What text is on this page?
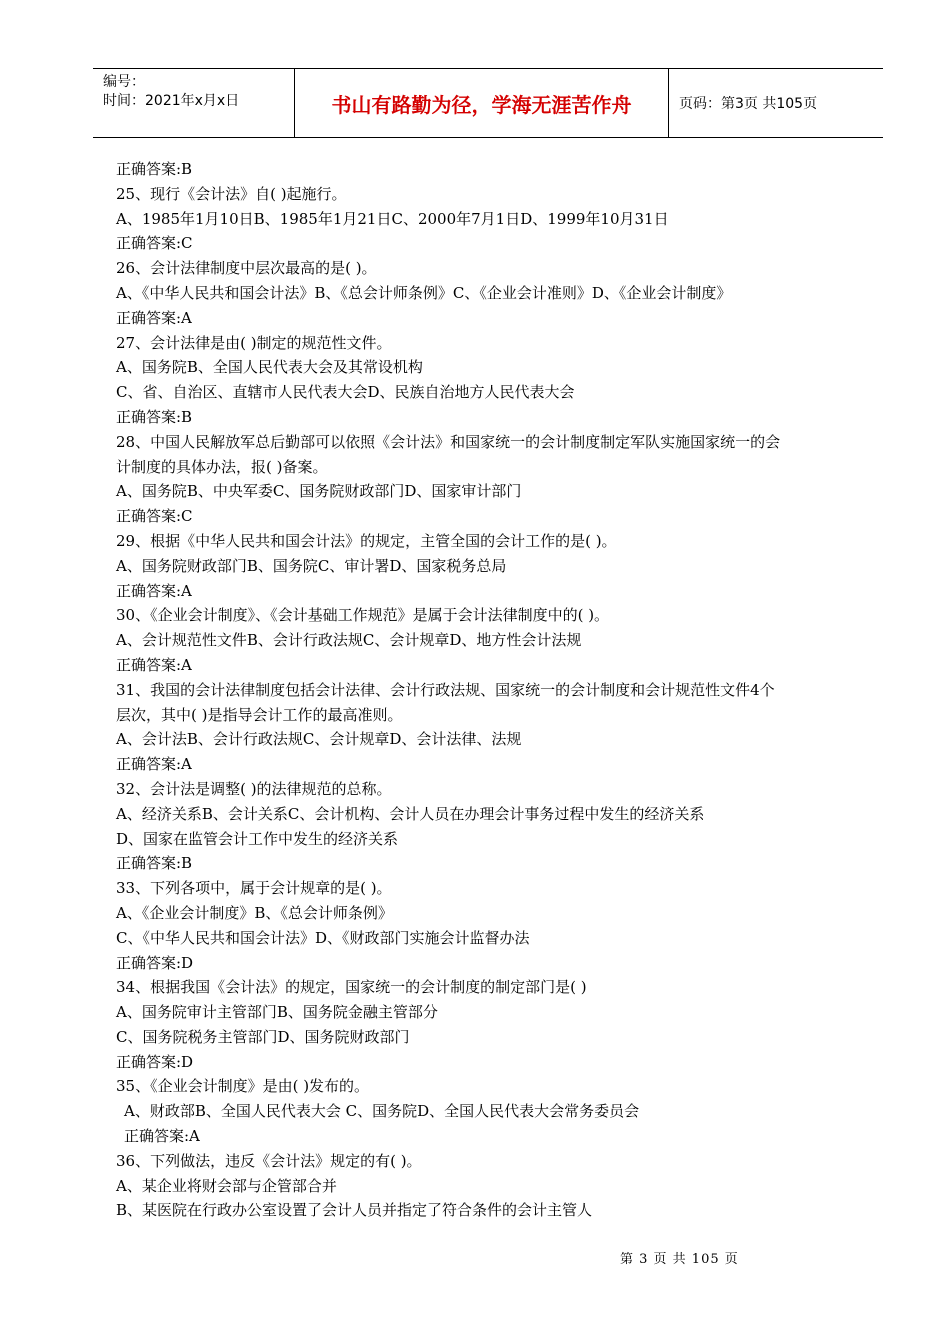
编号：
时间：2021年x月x日	书山有路勤为径，学海无涯苦作舟	页码：第3页 共105页
正确答案:B
25、现行《会计法》自( )起施行。
A、1985年1月10日B、1985年1月21日C、2000年7月1日D、1999年10月31日
正确答案:C
26、会计法律制度中层次最高的是( )。
A、《中华人民共和国会计法》B、《总会计师条例》C、《企业会计准则》D、《企业会计制度》
正确答案:A
27、会计法律是由( )制定的规范性文件。
A、国务院B、全国人民代表大会及其常设机构
C、省、自治区、直辖市人民代表大会D、民族自治地方人民代表大会
正确答案:B
28、中国人民解放军总后勤部可以依照《会计法》和国家统一的会计制度制定军队实施国家统一的会
计制度的具体办法，报( )备案。
A、国务院B、中央军委C、国务院财政部门D、国家审计部门
正确答案:C
29、根据《中华人民共和国会计法》的规定，主管全国的会计工作的是( )。
A、国务院财政部门B、国务院C、审计署D、国家税务总局
正确答案:A
30、《企业会计制度》、《会计基础工作规范》是属于会计法律制度中的( )。
A、会计规范性文件B、会计行政法规C、会计规章D、地方性会计法规
正确答案:A
31、我国的会计法律制度包括会计法律、会计行政法规、国家统一的会计制度和会计规范性文件4个
层次，其中( )是指导会计工作的最高准则。
A、会计法B、会计行政法规C、会计规章D、会计法律、法规
正确答案:A
32、会计法是调整( )的法律规范的总称。
A、经济关系B、会计关系C、会计机构、会计人员在办理会计事务过程中发生的经济关系
D、国家在监管会计工作中发生的经济关系
正确答案:B
33、下列各项中，属于会计规章的是( )。
A、《企业会计制度》B、《总会计师条例》
C、《中华人民共和国会计法》D、《财政部门实施会计监督办法
正确答案:D
34、根据我国《会计法》的规定，国家统一的会计制度的制定部门是( )
A、国务院审计主管部门B、国务院金融主管部分
C、国务院税务主管部门D、国务院财政部门
正确答案:D
35、《企业会计制度》是由( )发布的。
A、财政部B、全国人民代表大会 C、国务院D、全国人民代表大会常务委员会
正确答案:A
36、下列做法，违反《会计法》规定的有( )。
A、某企业将财会部与企管部合并
B、某医院在行政办公室设置了会计人员并指定了符合条件的会计主管人
第 3 页 共 105 页
